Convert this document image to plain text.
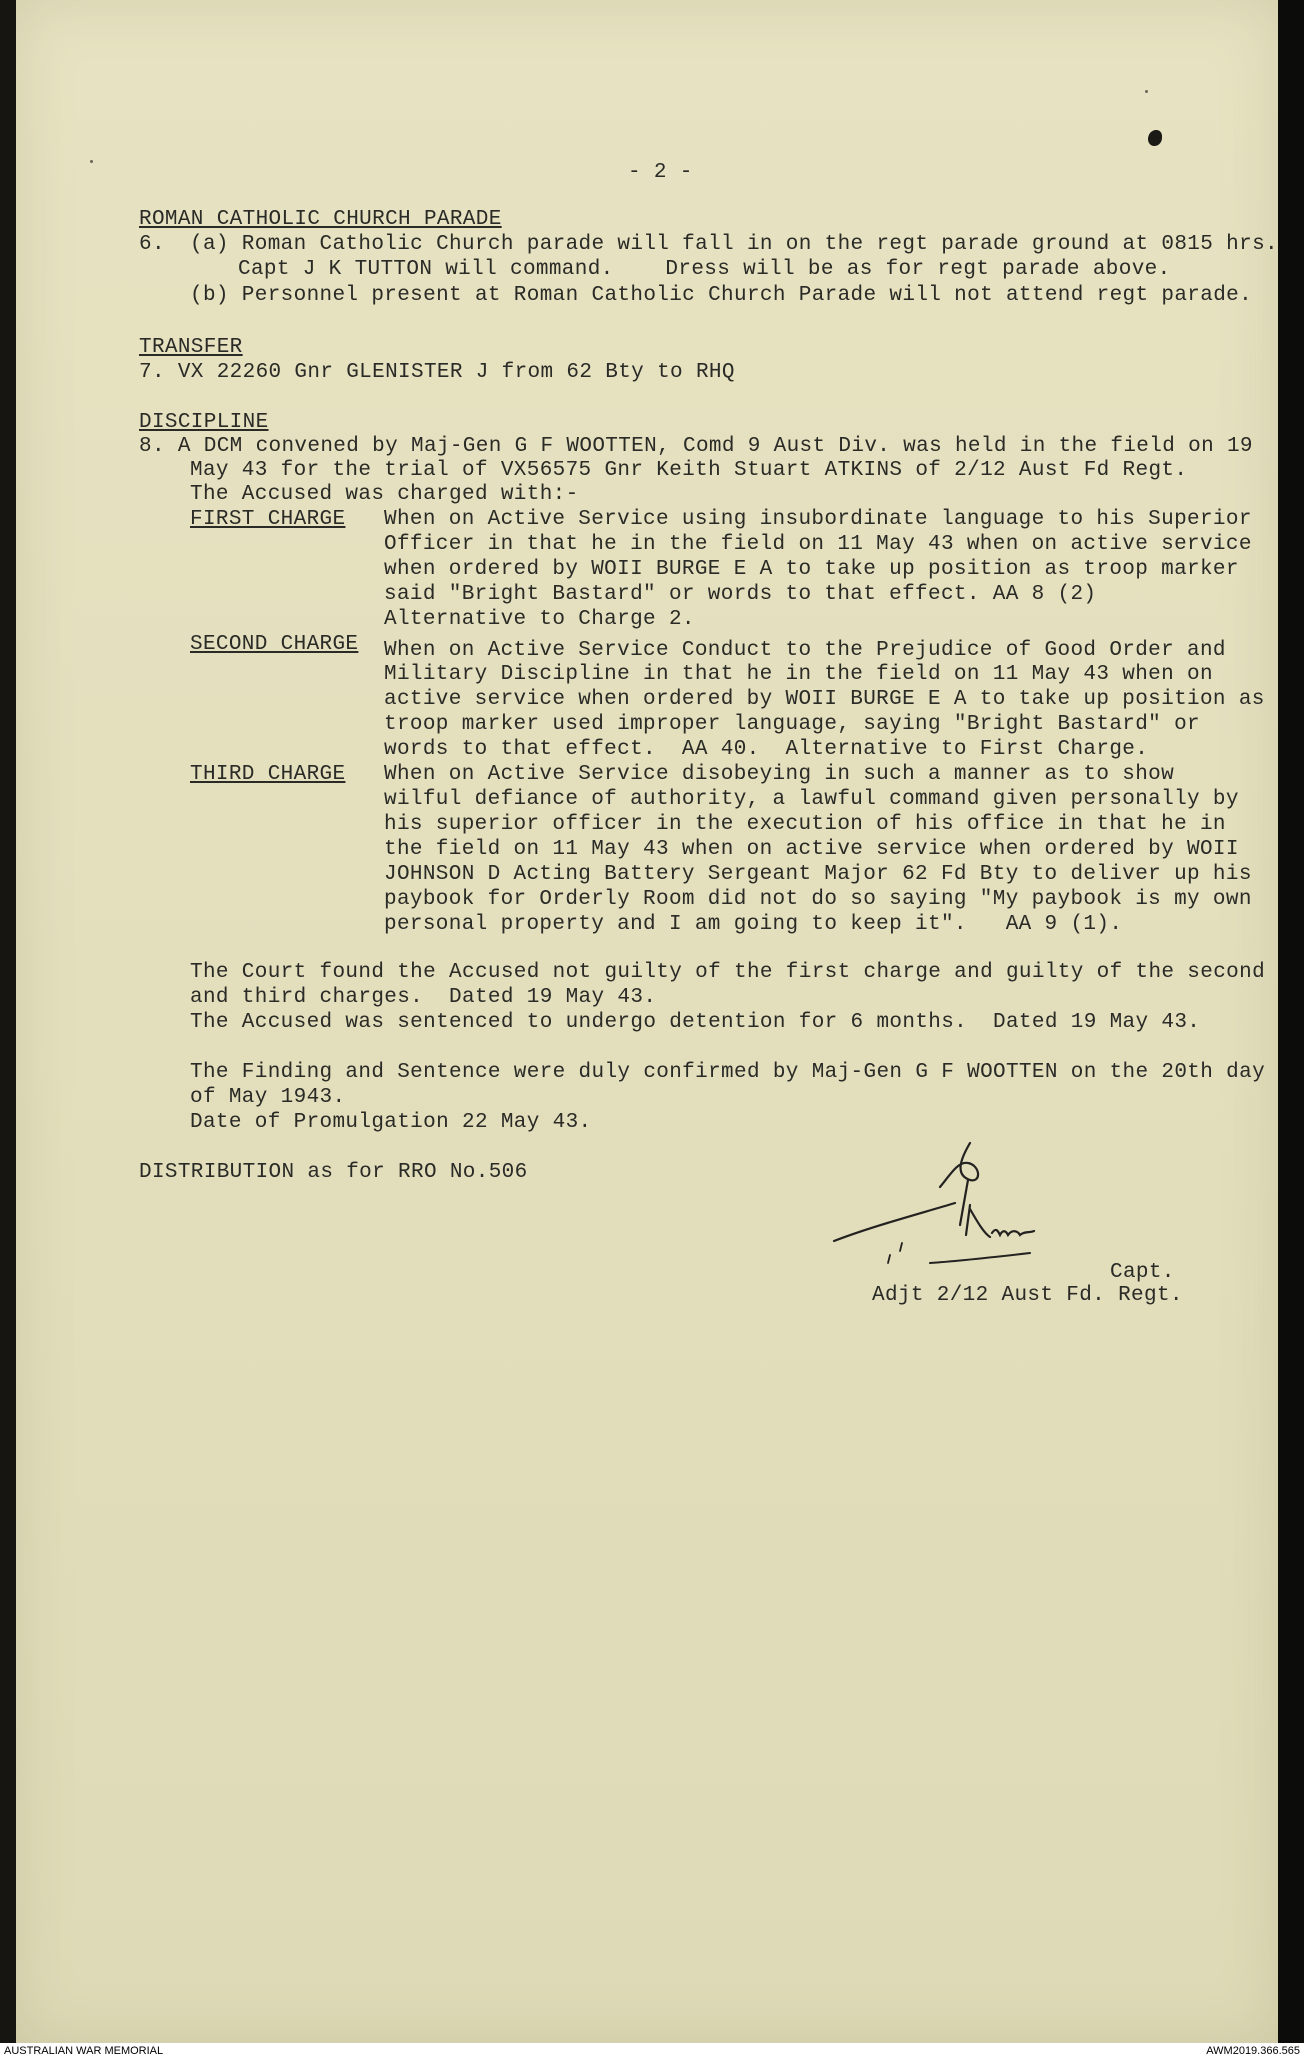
- 2 -
ROMAN CATHOLIC CHURCH PARADE
6. (a) Roman Catholic Church parade will fall in on the regt parade ground at 0815 hrs.
Capt J K TUTTON will command.    Dress will be as for regt parade above.
(b) Personnel present at Roman Catholic Church Parade will not attend regt parade.
TRANSFER
7. VX 22260 Gnr GLENISTER J from 62 Bty to RHQ
DISCIPLINE
8. A DCM convened by Maj-Gen G F WOOTTEN, Comd 9 Aust Div. was held in the field on 19
May 43 for the trial of VX56575 Gnr Keith Stuart ATKINS of 2/12 Aust Fd Regt.
The Accused was charged with:-
FIRST CHARGE When on Active Service using insubordinate language to his Superior
Officer in that he in the field on 11 May 43 when on active service
when ordered by WOII BURGE E A to take up position as troop marker
said "Bright Bastard" or words to that effect. AA 8 (2)
Alternative to Charge 2.
SECOND CHARGE When on Active Service Conduct to the Prejudice of Good Order and
Military Discipline in that he in the field on 11 May 43 when on
active service when ordered by WOII BURGE E A to take up position as
troop marker used improper language, saying "Bright Bastard" or
words to that effect.  AA 40.  Alternative to First Charge.
THIRD CHARGE When on Active Service disobeying in such a manner as to show
wilful defiance of authority, a lawful command given personally by
his superior officer in the execution of his office in that he in
the field on 11 May 43 when on active service when ordered by WOII
JOHNSON D Acting Battery Sergeant Major 62 Fd Bty to deliver up his
paybook for Orderly Room did not do so saying "My paybook is my own
personal property and I am going to keep it".   AA 9 (1).
The Court found the Accused not guilty of the first charge and guilty of the second
and third charges.  Dated 19 May 43.
The Accused was sentenced to undergo detention for 6 months.  Dated 19 May 43.
The Finding and Sentence were duly confirmed by Maj-Gen G F WOOTTEN on the 20th day
of May 1943.
Date of Promulgation 22 May 43.
DISTRIBUTION as for RRO No.506
Capt.
Adjt 2/12 Aust Fd. Regt.
AUSTRALIAN WAR MEMORIAL	AWM2019.366.565
